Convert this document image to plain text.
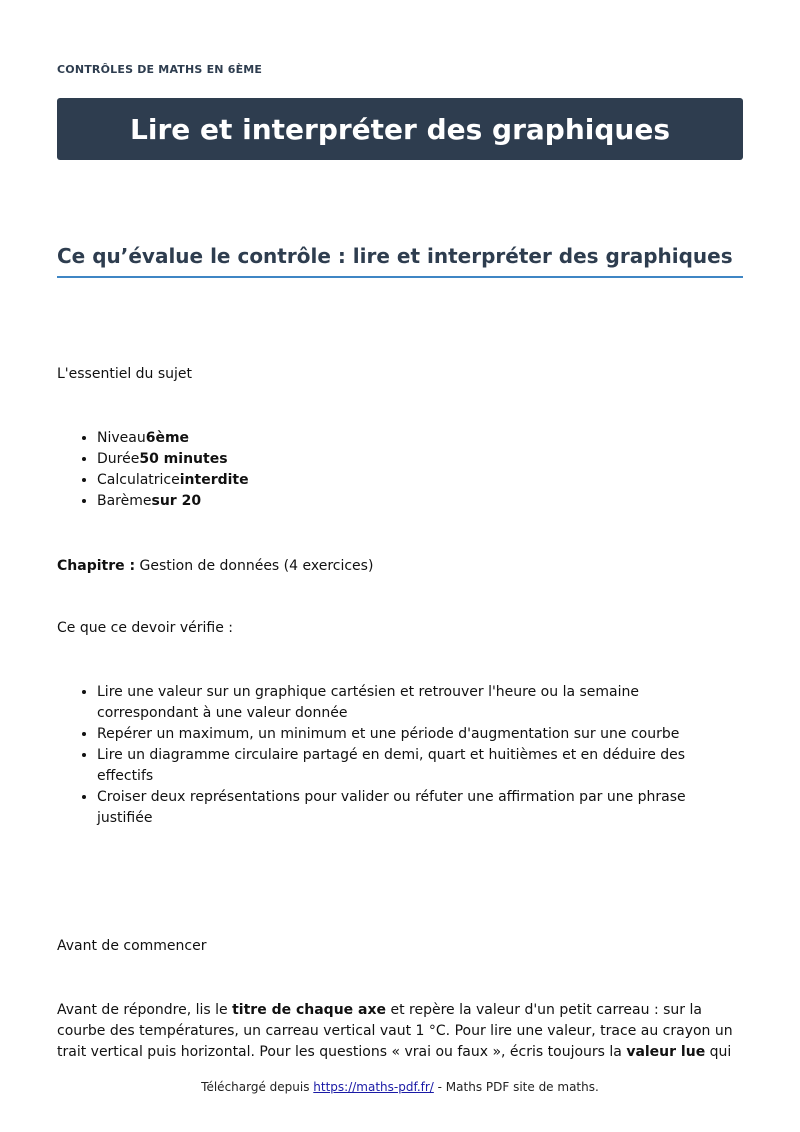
CONTRÔLES DE MATHS EN 6ÈME
Lire et interpréter des graphiques
Ce qu’évalue le contrôle : lire et interpréter des graphiques
L'essentiel du sujet
• Niveau6ème
• Durée50 minutes
• Calculatriceinterdite
• Barèmesur 20
Chapitre : Gestion de données (4 exercices)
Ce que ce devoir vérifie :
• Lire une valeur sur un graphique cartésien et retrouver l'heure ou la semaine correspondant à une valeur donnée
• Repérer un maximum, un minimum et une période d'augmentation sur une courbe
• Lire un diagramme circulaire partagé en demi, quart et huitièmes et en déduire des effectifs
• Croiser deux représentations pour valider ou réfuter une affirmation par une phrase justifiée
Avant de commencer
Avant de répondre, lis le titre de chaque axe et repère la valeur d'un petit carreau : sur la courbe des températures, un carreau vertical vaut 1 °C. Pour lire une valeur, trace au crayon un trait vertical puis horizontal. Pour les questions « vrai ou faux », écris toujours la valeur lue qui
Téléchargé depuis https://maths-pdf.fr/ - Maths PDF site de maths.
